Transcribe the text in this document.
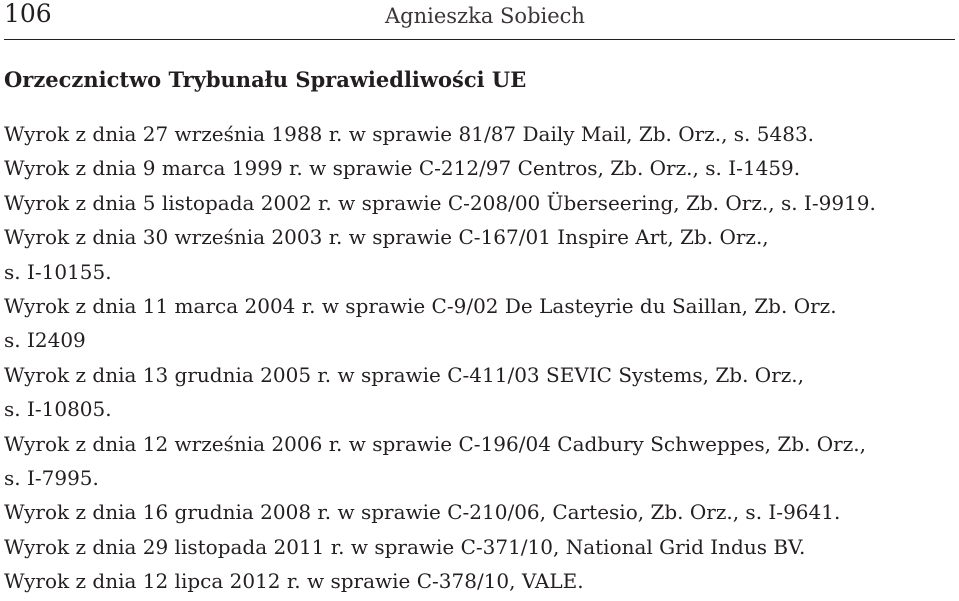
106	Agnieszka Sobiech
Orzecznictwo Trybunału Sprawiedliwości UE
Wyrok z dnia 27 września 1988 r. w sprawie 81/87 Daily Mail, Zb. Orz., s. 5483.
Wyrok z dnia 9 marca 1999 r. w sprawie C-212/97 Centros, Zb. Orz., s. I-1459.
Wyrok z dnia 5 listopada 2002 r. w sprawie C-208/00 Überseering, Zb. Orz., s. I-9919.
Wyrok z dnia 30 września 2003 r. w sprawie C-167/01 Inspire Art, Zb. Orz.,
s. I-10155.
Wyrok z dnia 11 marca 2004 r. w sprawie C-9/02 De Lasteyrie du Saillan, Zb. Orz.
s. I2409
Wyrok z dnia 13 grudnia 2005 r. w sprawie C-411/03 SEVIC Systems, Zb. Orz.,
s. I-10805.
Wyrok z dnia 12 września 2006 r. w sprawie C-196/04 Cadbury Schweppes, Zb. Orz.,
s. I-7995.
Wyrok z dnia 16 grudnia 2008 r. w sprawie C-210/06, Cartesio, Zb. Orz., s. I-9641.
Wyrok z dnia 29 listopada 2011 r. w sprawie C-371/10, National Grid Indus BV.
Wyrok z dnia 12 lipca 2012 r. w sprawie C-378/10, VALE.
